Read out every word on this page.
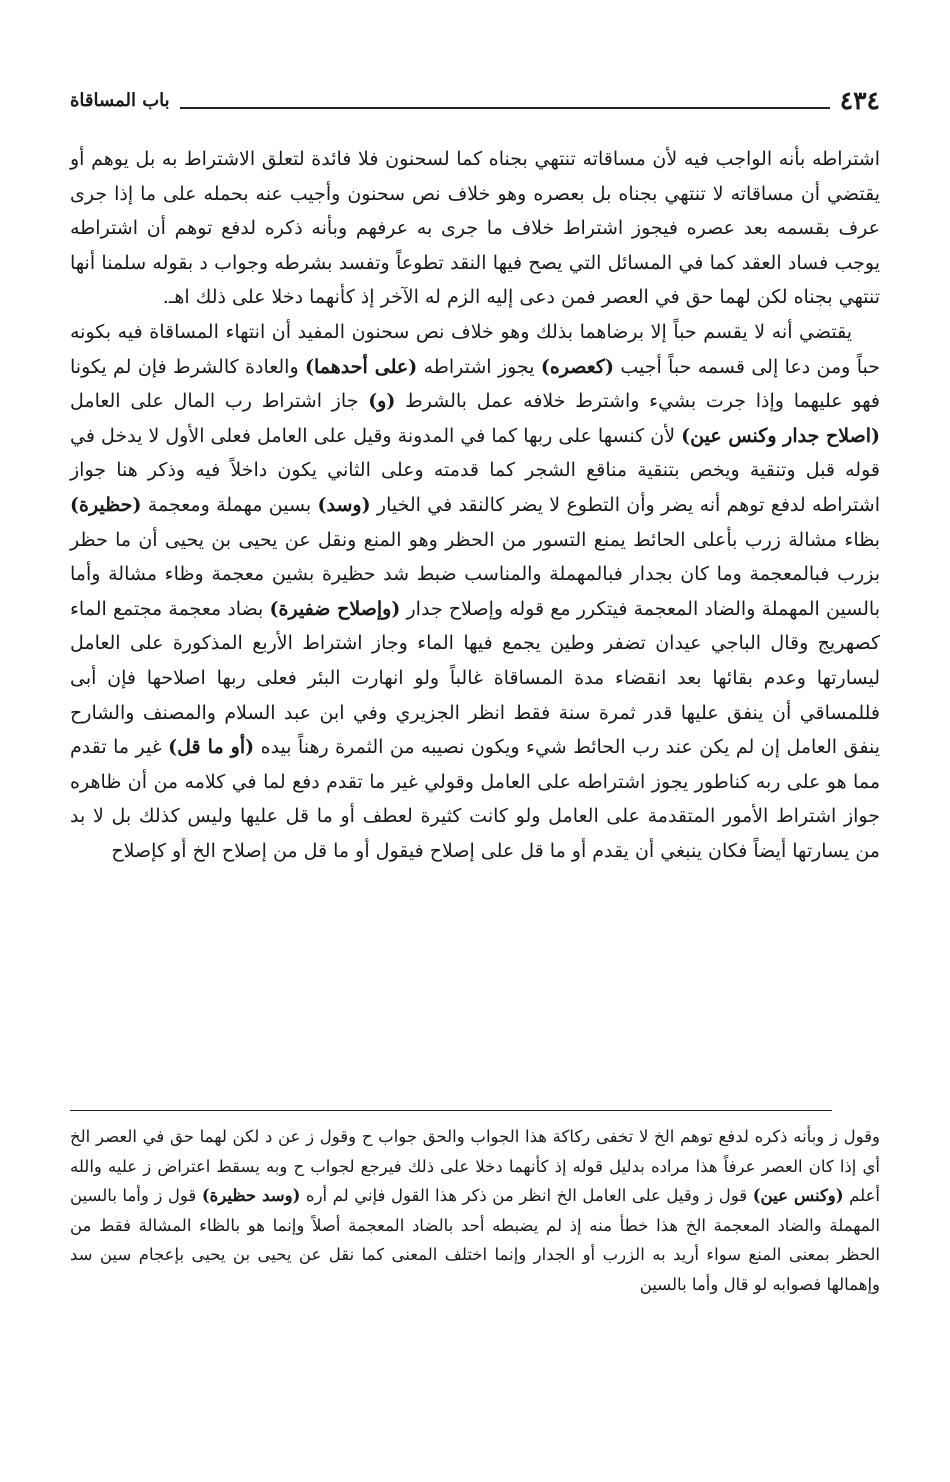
٤٣٤
باب المساقاة

اشتراطه بأنه الواجب فيه لأن مساقاته تنتهي بجناه كما لسحنون فلا فائدة لتعلق الاشتراط به بل يوهم أو يقتضي أن مساقاته لا تنتهي بجناه بل بعصره وهو خلاف نص سحنون وأجيب عنه بحمله على ما إذا جرى عرف بقسمه بعد عصره فيجوز اشتراط خلاف ما جرى به عرفهم وبأنه ذكره لدفع توهم أن اشتراطه يوجب فساد العقد كما في المسائل التي يصح فيها النقد تطوعاً وتفسد بشرطه وجواب د بقوله سلمنا أنها تنتهي بجناه لكن لهما حق في العصر فمن دعى إليه الزم له الآخر إذ كأنهما دخلا على ذلك اهـ.

يقتضي أنه لا يقسم حباً إلا برضاهما بذلك وهو خلاف نص سحنون المفيد أن انتهاء المساقاة فيه بكونه حباً ومن دعا إلى قسمه حباً أجيب (كعصره) يجوز اشتراطه (على أحدهما) والعادة كالشرط فإن لم يكونا فهو عليهما وإذا جرت بشيء واشترط خلافه عمل بالشرط (و) جاز اشتراط رب المال على العامل (اصلاح جدار وكنس عين) لأن كنسها على ربها كما في المدونة وقيل على العامل فعلى الأول لا يدخل في قوله قبل وتنقية ويخص بتنقية مناقع الشجر كما قدمته وعلى الثاني يكون داخلاً فيه وذكر هنا جواز اشتراطه لدفع توهم أنه يضر وأن التطوع لا يضر كالنقد في الخيار (وسد) بسين مهملة ومعجمة (حظيرة) بظاء مشالة زرب بأعلى الحائط يمنع التسور من الحظر وهو المنع ونقل عن يحيى بن يحيى أن ما حظر بزرب فبالمعجمة وما كان بجدار فبالمهملة والمناسب ضبط شد حظيرة بشين معجمة وظاء مشالة وأما بالسين المهملة والضاد المعجمة فيتكرر مع قوله وإصلاح جدار (وإصلاح ضفيرة) بضاد معجمة مجتمع الماء كصهريج وقال الباجي عيدان تضفر وطين يجمع فيها الماء وجاز اشتراط الأربع المذكورة على العامل ليسارتها وعدم بقائها بعد انقضاء مدة المساقاة غالباً ولو انهارت البئر فعلى ربها اصلاحها فإن أبى فللمساقي أن ينفق عليها قدر ثمرة سنة فقط انظر الجزيري وفي ابن عبد السلام والمصنف والشارح ينفق العامل إن لم يكن عند رب الحائط شيء ويكون نصيبه من الثمرة رهناً بيده (أو ما قل) غير ما تقدم مما هو على ربه كناطور يجوز اشتراطه على العامل وقولي غير ما تقدم دفع لما في كلامه من أن ظاهره جواز اشتراط الأمور المتقدمة على العامل ولو كانت كثيرة لعطف أو ما قل عليها وليس كذلك بل لا بد من يسارتها أيضاً فكان ينبغي أن يقدم أو ما قل على إصلاح فيقول أو ما قل من إصلاح الخ أو كإصلاح

وقول ز وبأنه ذكره لدفع توهم الخ لا تخفى ركاكة هذا الجواب والحق جواب ح وقول ز عن د لكن لهما حق في العصر الخ أي إذا كان العصر عرفاً هذا مراده بدليل قوله إذ كأنهما دخلا على ذلك فيرجع لجواب ح وبه يسقط اعتراض ز عليه والله أعلم (وكنس عين) قول ز وقيل على العامل الخ انظر من ذكر هذا القول فإني لم أره (وسد حظيرة) قول ز وأما بالسين المهملة والضاد المعجمة الخ هذا خطأ منه إذ لم يضبطه أحد بالضاد المعجمة أصلاً وإنما هو بالظاء المشالة فقط من الحظر بمعنى المنع سواء أريد به الزرب أو الجدار وإنما اختلف المعنى كما نقل عن يحيى بن يحيى بإعجام سين سد وإهمالها فصوابه لو قال وأما بالسين
